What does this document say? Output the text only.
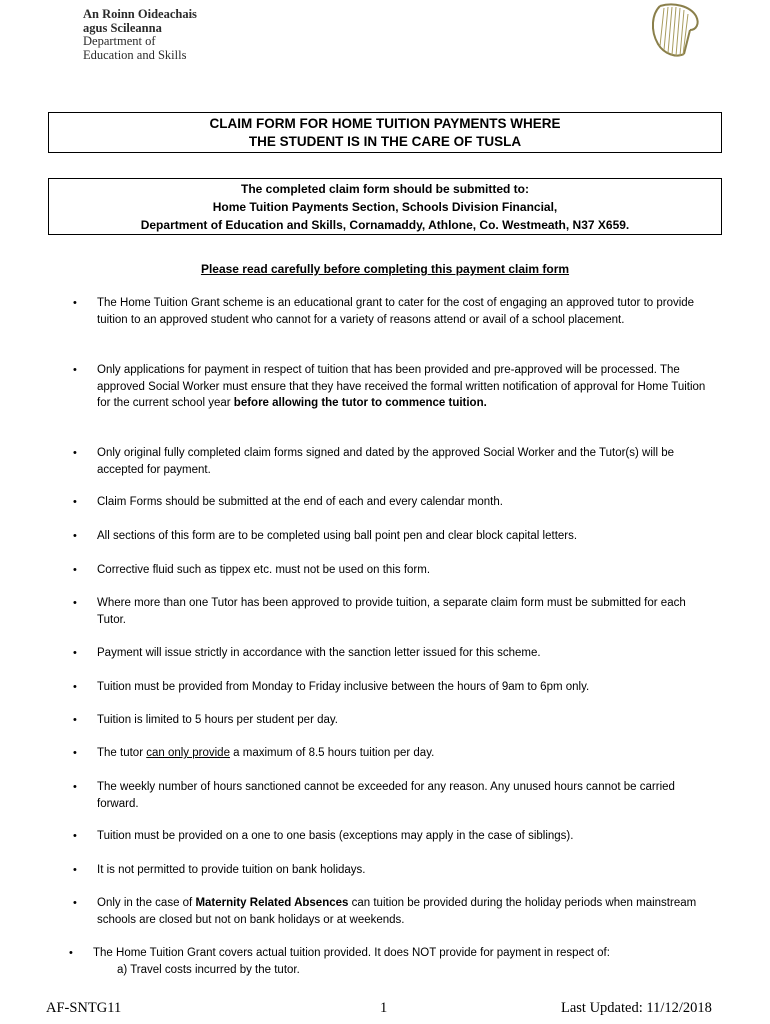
An Roinn Oideachais
agus Scileanna
Department of
Education and Skills
CLAIM FORM FOR HOME TUITION PAYMENTS WHERE
THE STUDENT IS IN THE CARE OF TUSLA
The completed claim form should be submitted to:
Home Tuition Payments Section, Schools Division Financial,
Department of Education and Skills, Cornamaddy, Athlone, Co. Westmeath, N37 X659.
Please read carefully before completing this payment claim form
• The Home Tuition Grant scheme is an educational grant to cater for the cost of engaging an approved tutor to provide tuition to an approved student who cannot for a variety of reasons attend or avail of a school placement.
• Only applications for payment in respect of tuition that has been provided and pre-approved will be processed. The approved Social Worker must ensure that they have received the formal written notification of approval for Home Tuition for the current school year before allowing the tutor to commence tuition.
• Only original fully completed claim forms signed and dated by the approved Social Worker and the Tutor(s) will be accepted for payment.
• Claim Forms should be submitted at the end of each and every calendar month.
• All sections of this form are to be completed using ball point pen and clear block capital letters.
• Corrective fluid such as tippex etc. must not be used on this form.
• Where more than one Tutor has been approved to provide tuition, a separate claim form must be submitted for each Tutor.
• Payment will issue strictly in accordance with the sanction letter issued for this scheme.
• Tuition must be provided from Monday to Friday inclusive between the hours of 9am to 6pm only.
• Tuition is limited to 5 hours per student per day.
• The tutor can only provide a maximum of 8.5 hours tuition per day.
• The weekly number of hours sanctioned cannot be exceeded for any reason. Any unused hours cannot be carried forward.
• Tuition must be provided on a one to one basis (exceptions may apply in the case of siblings).
• It is not permitted to provide tuition on bank holidays.
• Only in the case of Maternity Related Absences can tuition be provided during the holiday periods when mainstream schools are closed but not on bank holidays or at weekends.
• The Home Tuition Grant covers actual tuition provided. It does NOT provide for payment in respect of:
a) Travel costs incurred by the tutor.
AF-SNTG11	1	Last Updated: 11/12/2018
